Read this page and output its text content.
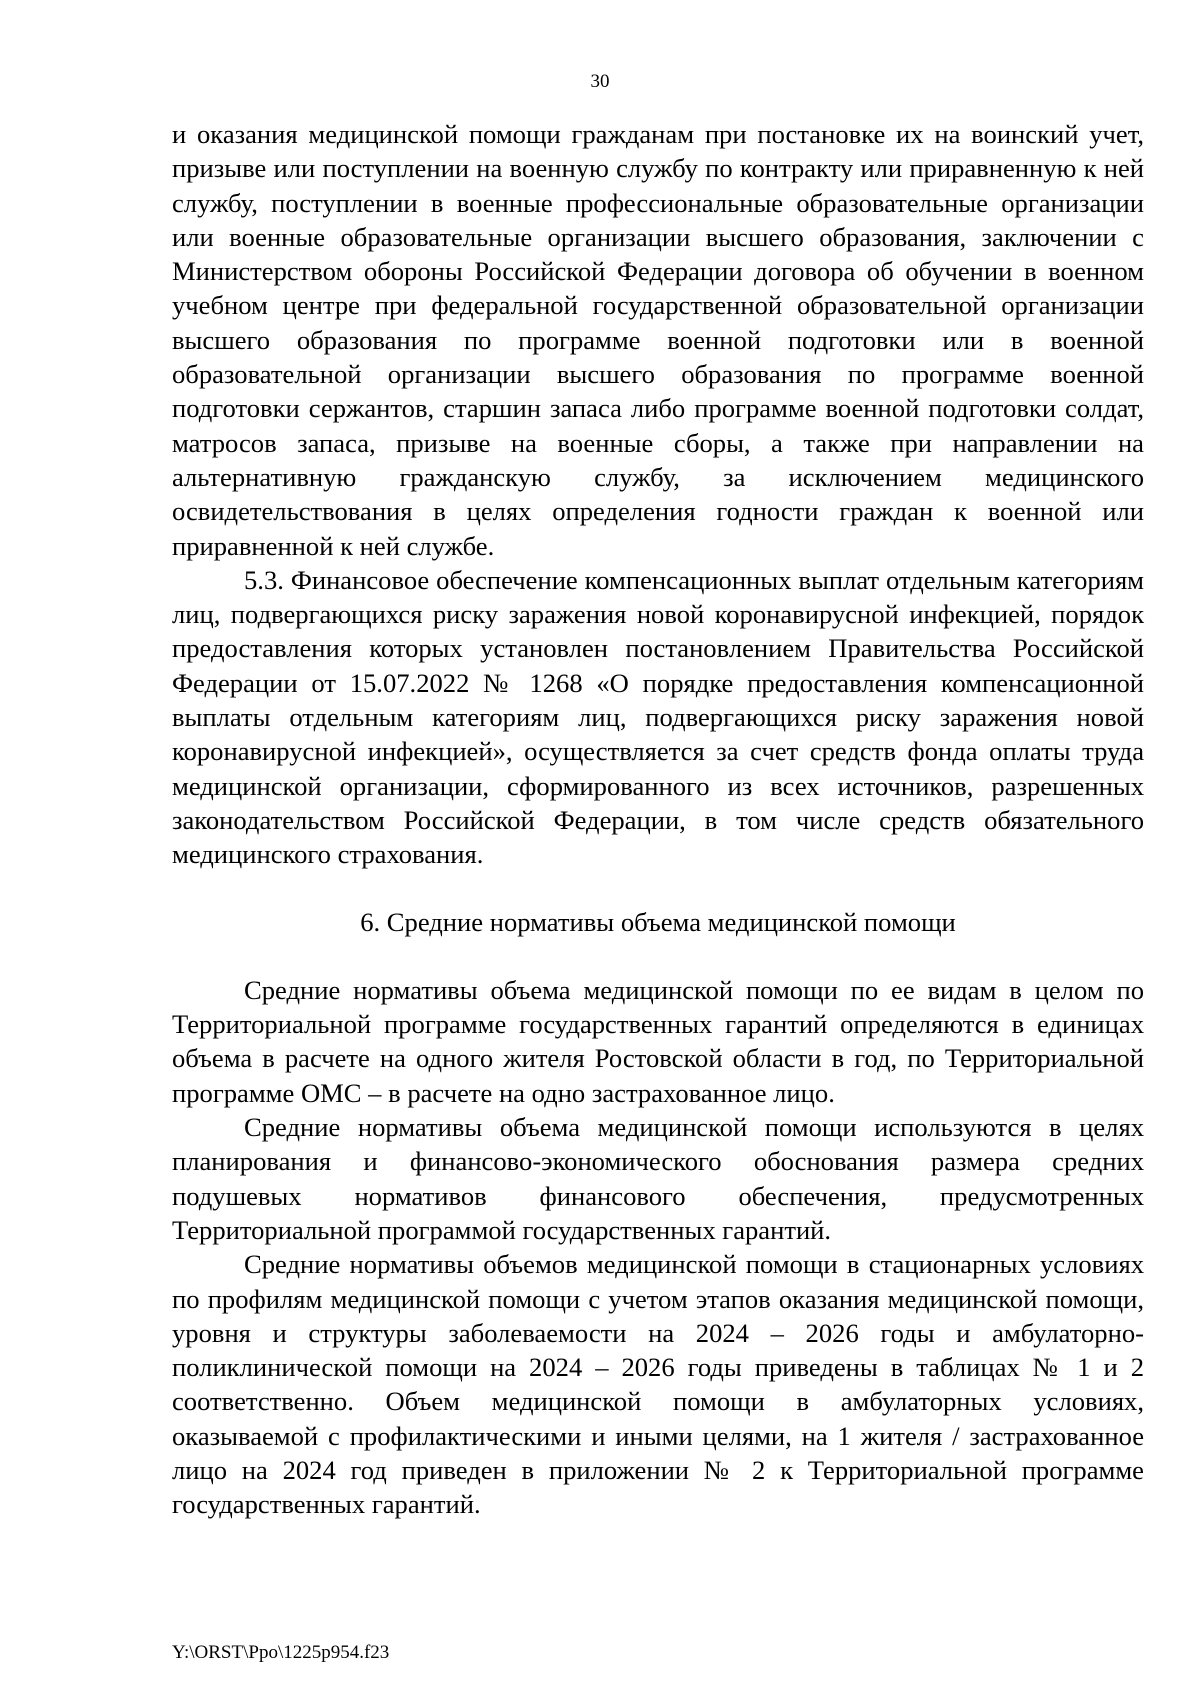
30

и оказания медицинской помощи гражданам при постановке их на воинский учет, призыве или поступлении на военную службу по контракту или приравненную к ней службу, поступлении в военные профессиональные образовательные организации или военные образовательные организации высшего образования, заключении с Министерством обороны Российской Федерации договора об обучении в военном учебном центре при федеральной государственной образовательной организации высшего образования по программе военной подготовки или в военной образовательной организации высшего образования по программе военной подготовки сержантов, старшин запаса либо программе военной подготовки солдат, матросов запаса, призыве на военные сборы, а также при направлении на альтернативную гражданскую службу, за исключением медицинского освидетельствования в целях определения годности граждан к военной или приравненной к ней службе.

5.3. Финансовое обеспечение компенсационных выплат отдельным категориям лиц, подвергающихся риску заражения новой коронавирусной инфекцией, порядок предоставления которых установлен постановлением Правительства Российской Федерации от 15.07.2022 № 1268 «О порядке предоставления компенсационной выплаты отдельным категориям лиц, подвергающихся риску заражения новой коронавирусной инфекцией», осуществляется за счет средств фонда оплаты труда медицинской организации, сформированного из всех источников, разрешенных законодательством Российской Федерации, в том числе средств обязательного медицинского страхования.

6. Средние нормативы объема медицинской помощи

Средние нормативы объема медицинской помощи по ее видам в целом по Территориальной программе государственных гарантий определяются в единицах объема в расчете на одного жителя Ростовской области в год, по Территориальной программе ОМС – в расчете на одно застрахованное лицо.

Средние нормативы объема медицинской помощи используются в целях планирования и финансово-экономического обоснования размера средних подушевых нормативов финансового обеспечения, предусмотренных Территориальной программой государственных гарантий.

Средние нормативы объемов медицинской помощи в стационарных условиях по профилям медицинской помощи с учетом этапов оказания медицинской помощи, уровня и структуры заболеваемости на 2024 – 2026 годы и амбулаторно-поликлинической помощи на 2024 – 2026 годы приведены в таблицах № 1 и 2 соответственно. Объем медицинской помощи в амбулаторных условиях, оказываемой с профилактическими и иными целями, на 1 жителя / застрахованное лицо на 2024 год приведен в приложении № 2 к Территориальной программе государственных гарантий.

Y:\ORST\Ppo\1225p954.f23
